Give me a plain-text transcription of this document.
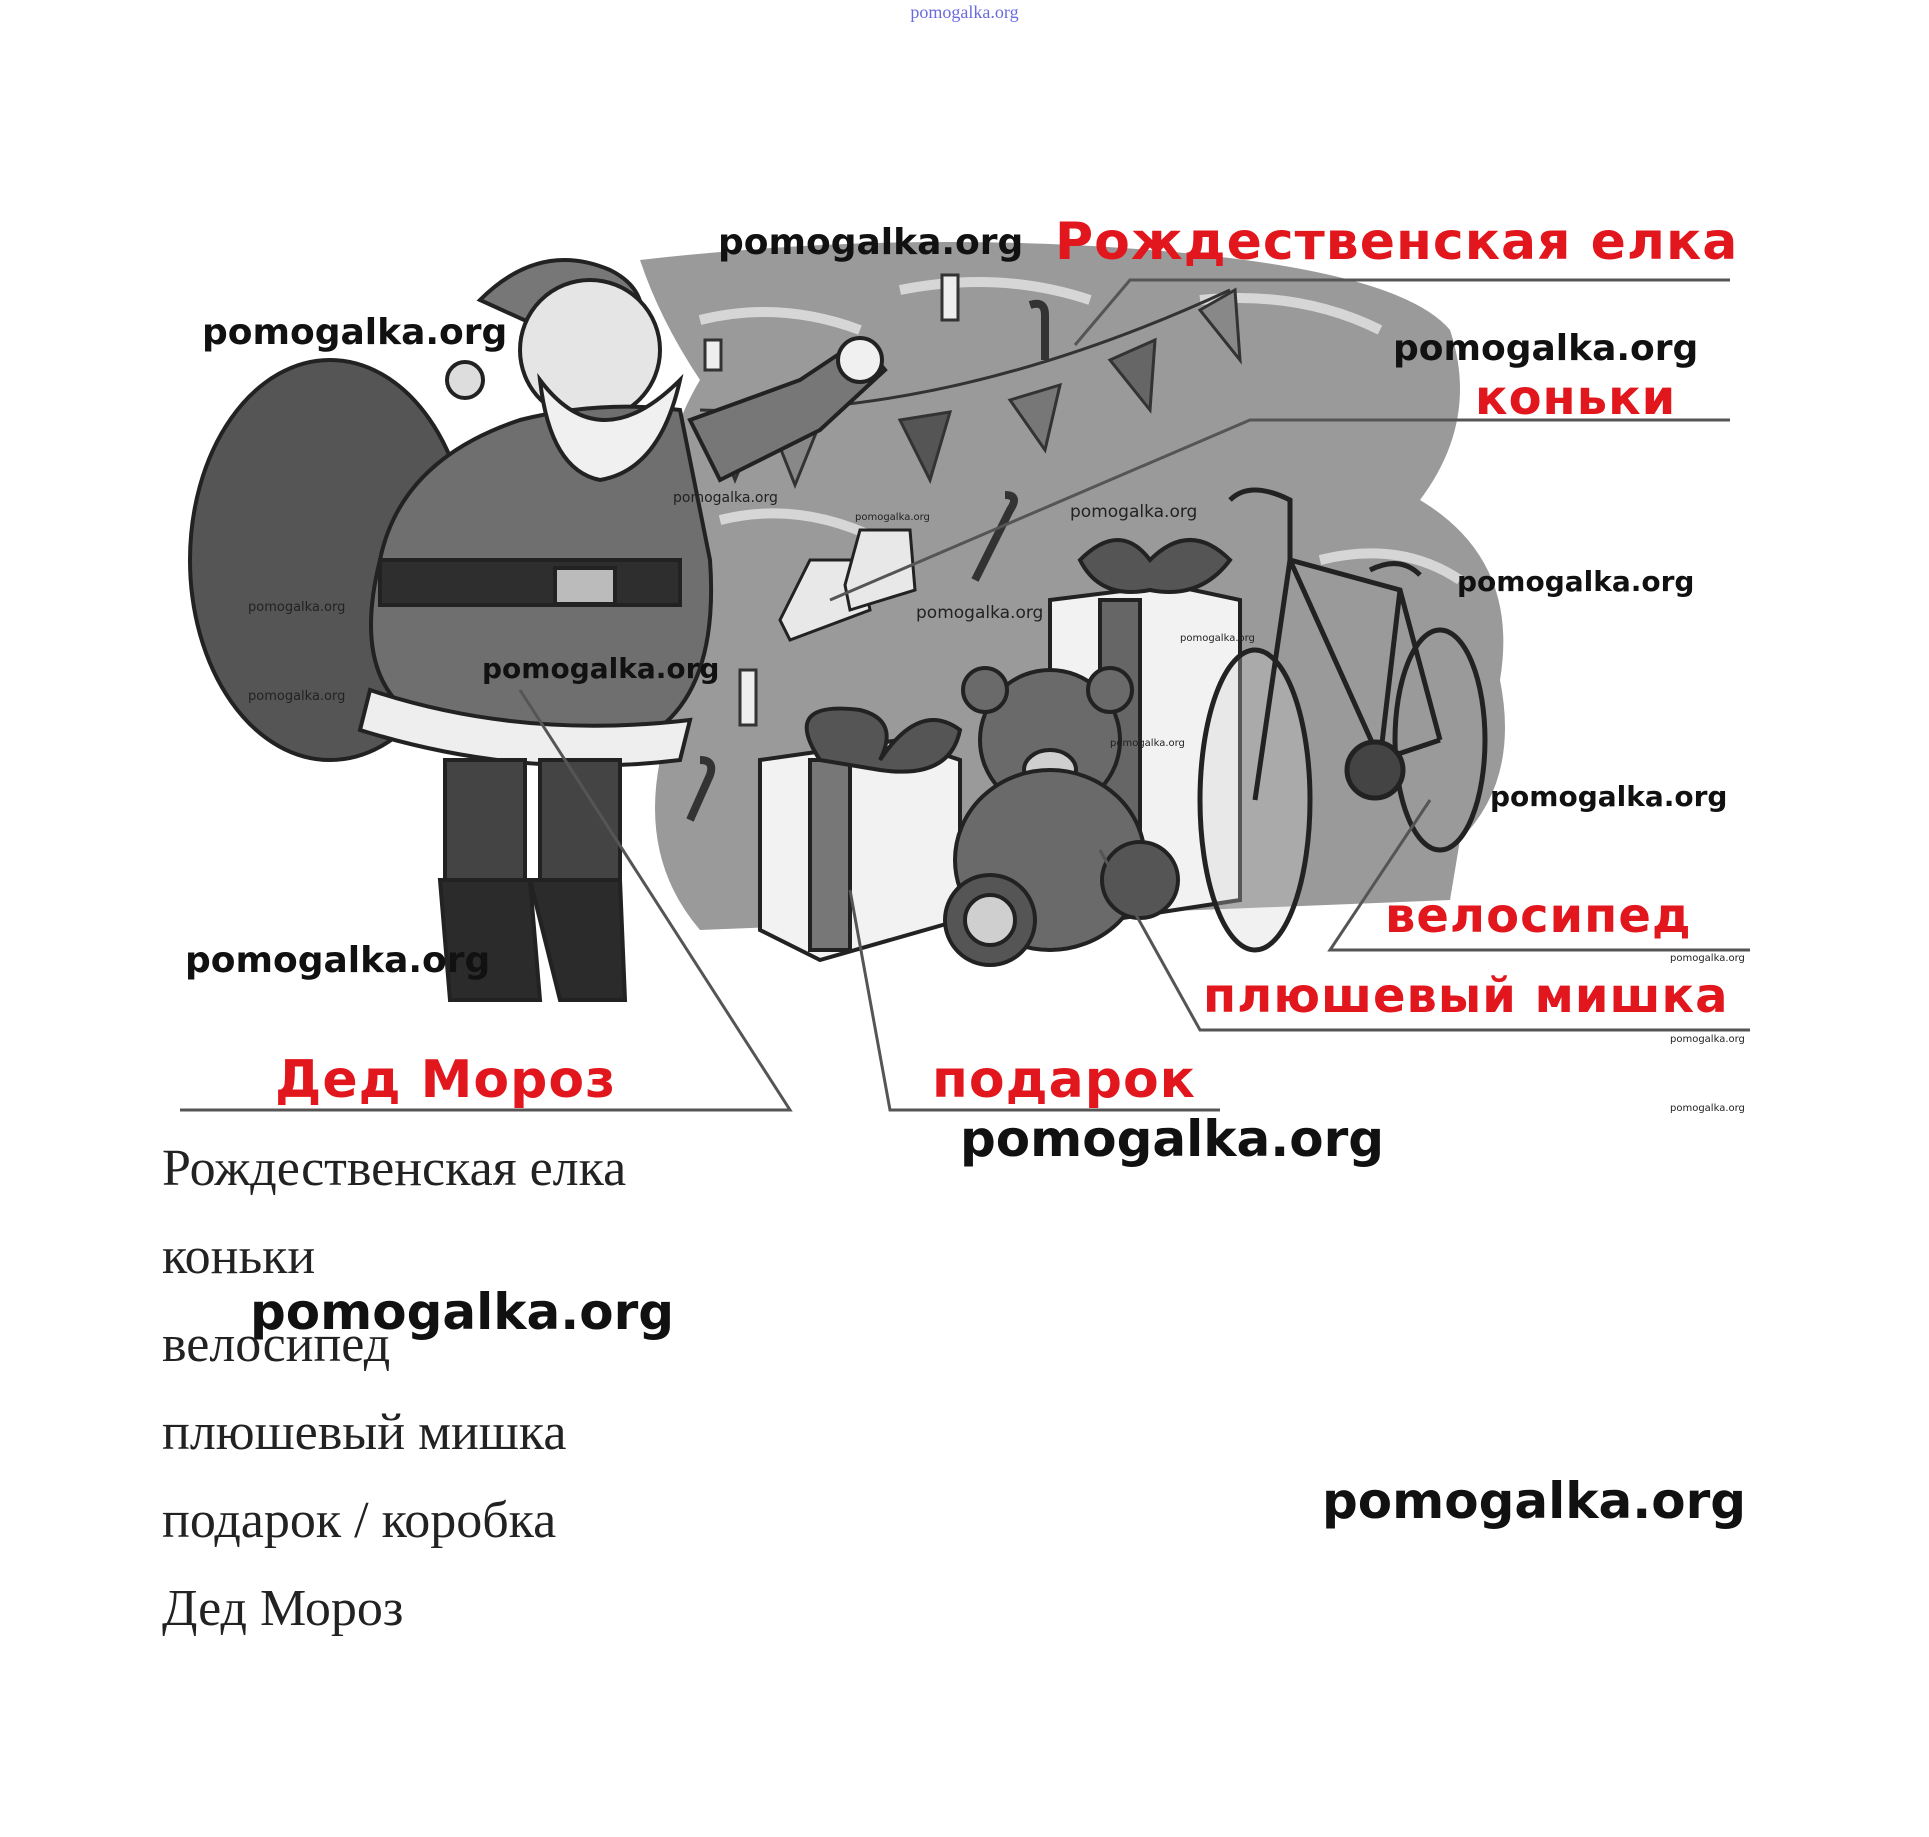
pomogalka.org
Рождественская елка
коньки
велосипед
плюшевый мишка
подарок
Дед Мороз
pomogalka.org
pomogalka.org	pomogalka.org
pomogalka.org
pomogalka.org
pomogalka.org
pomogalka.org
pomogalka.org
pomogalka.org
pomogalka.org
pomogalka.org
pomogalka.org
pomogalka.org
pomogalka.org
pomogalka.org
pomogalka.org
pomogalka.org
pomogalka.org
pomogalka.org
pomogalka.org
pomogalka.org
Рождественская елка
коньки
велосипед
плюшевый мишка
подарок / коробка
Дед Мороз
